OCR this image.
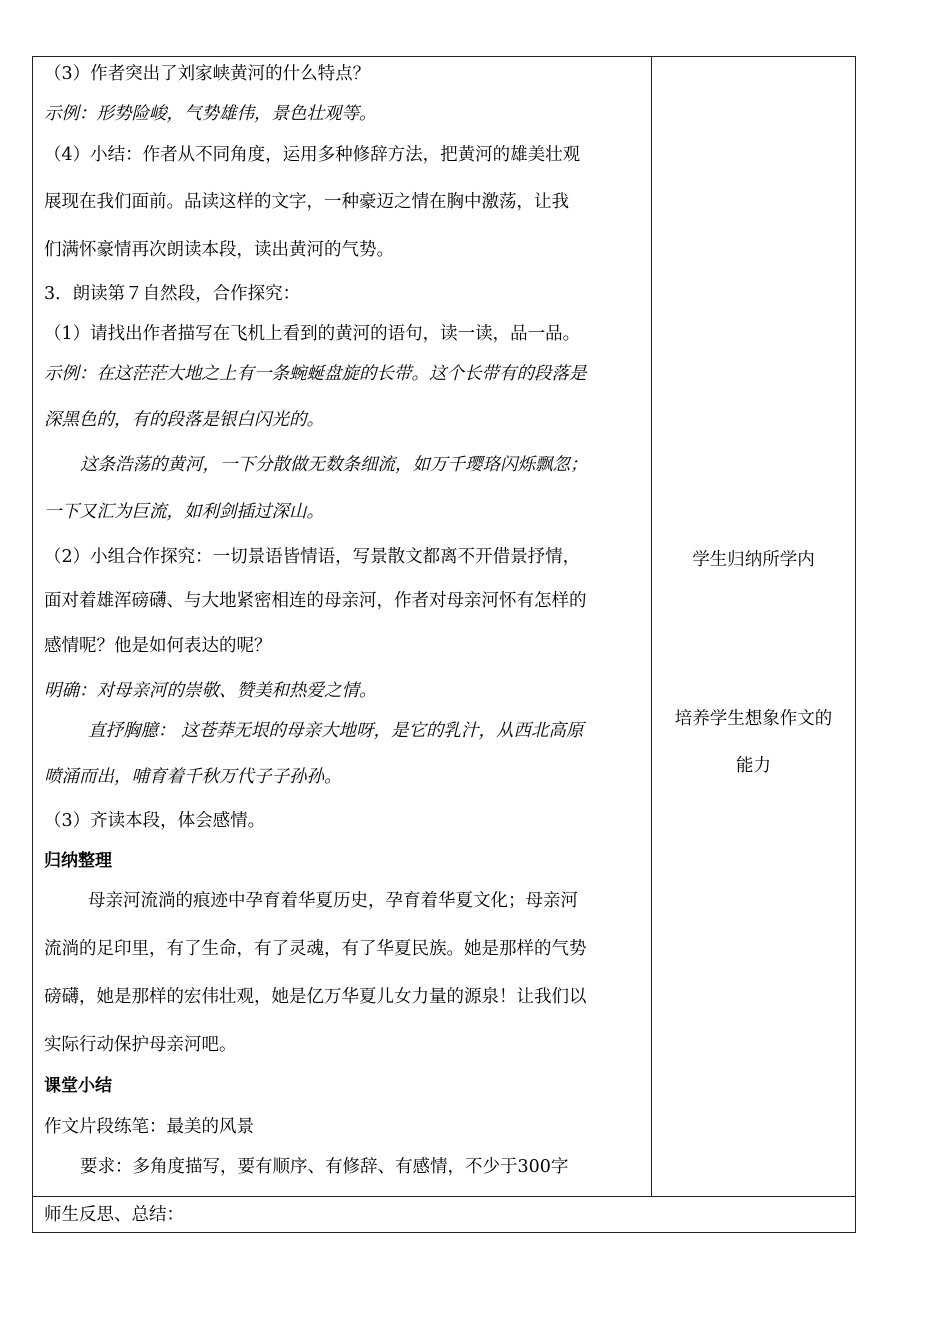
（3）作者突出了刘家峡黄河的什么特点？
示例：形势险峻，气势雄伟，景色壮观等。
（4）小结：作者从不同角度，运用多种修辞方法，把黄河的雄美壮观
展现在我们面前。品读这样的文字，一种豪迈之情在胸中激荡，让我
们满怀豪情再次朗读本段，读出黄河的气势。
3．朗读第７自然段，合作探究：
（1）请找出作者描写在飞机上看到的黄河的语句，读一读，品一品。
示例：在这茫茫大地之上有一条蜿蜒盘旋的长带。这个长带有的段落是
深黑色的，有的段落是银白闪光的。
这条浩荡的黄河，一下分散做无数条细流，如万千璎珞闪烁飘忽；
一下又汇为巨流，如利剑插过深山。
（2）小组合作探究：一切景语皆情语，写景散文都离不开借景抒情，
面对着雄浑磅礴、与大地紧密相连的母亲河，作者对母亲河怀有怎样的
感情呢？他是如何表达的呢？
明确：对母亲河的崇敬、赞美和热爱之情。
直抒胸臆： 这苍莽无垠的母亲大地呀，是它的乳汁，从西北高原
喷涌而出，哺育着千秋万代子子孙孙。
（3）齐读本段，体会感情。
归纳整理
母亲河流淌的痕迹中孕育着华夏历史，孕育着华夏文化；母亲河
流淌的足印里，有了生命，有了灵魂，有了华夏民族。她是那样的气势
磅礴，她是那样的宏伟壮观，她是亿万华夏儿女力量的源泉！让我们以
实际行动保护母亲河吧。
课堂小结
作文片段练笔：最美的风景
要求：多角度描写，要有顺序、有修辞、有感情，不少于300字
学生归纳所学内
培养学生想象作文的
能力
师生反思、总结：
